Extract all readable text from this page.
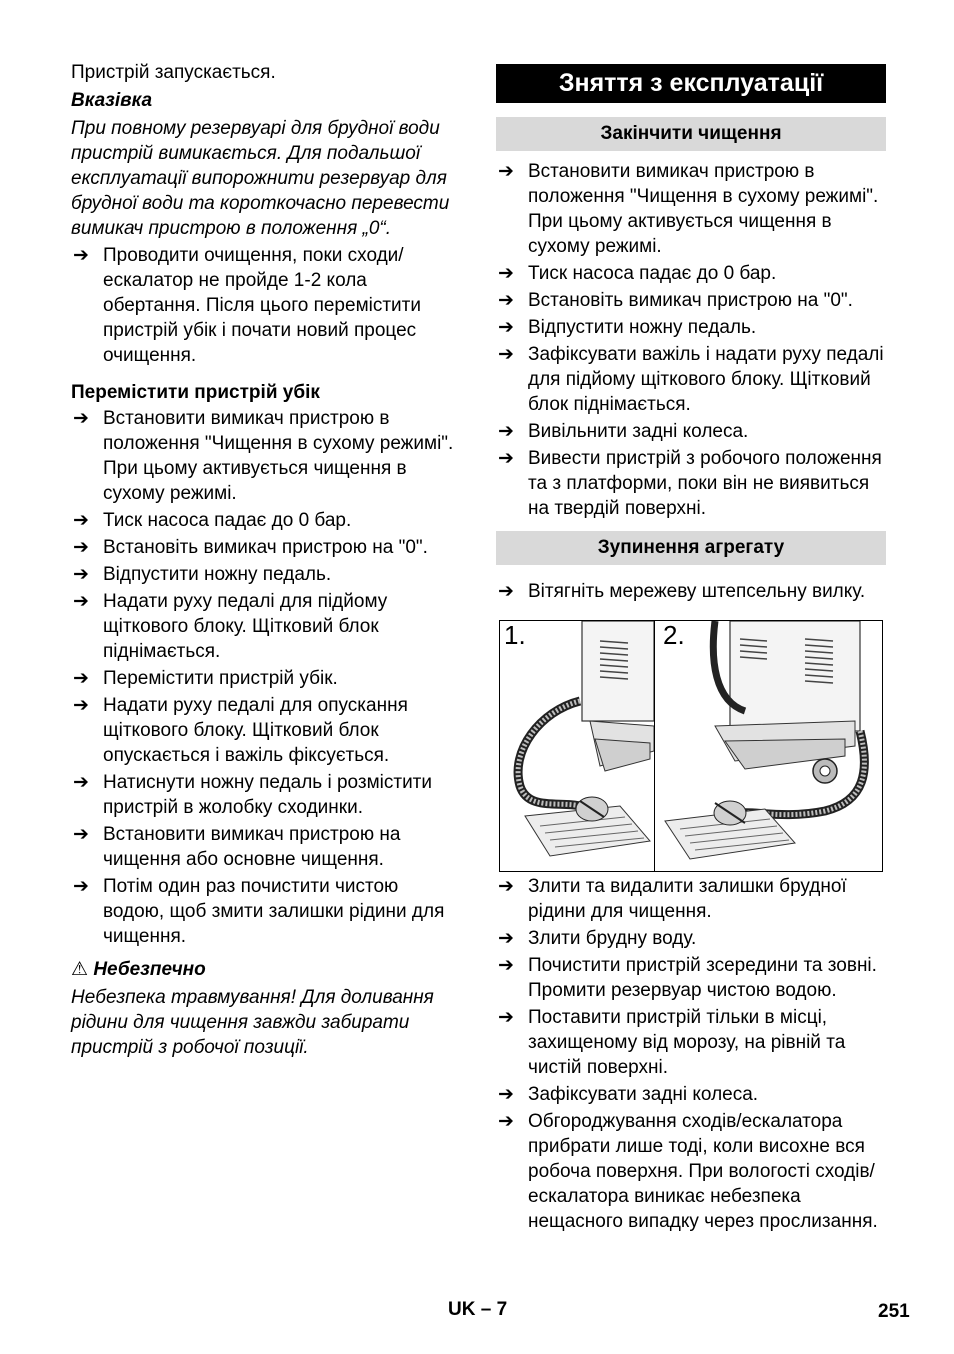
Пристрій запускається.

Вказівка

При повному резервуарі для брудної води пристрій вимикається. Для подальшої експлуатації випорожнити резервуар для брудної води та короткочасно перевести вимикач пристрою в положення „0“.

➔ Проводити очищення, поки сходи/ескалатор не пройде 1-2 кола обертання. Після цього перемістити пристрій убік і почати новий процес очищення.

Перемістити пристрій убік

➔ Встановити вимикач пристрою в положення "Чищення в сухому режимі". При цьому активується чищення в сухому режимі.
➔ Тиск насоса падає до 0 бар.
➔ Встановіть вимикач пристрою на "0".
➔ Відпустити ножну педаль.
➔ Надати руху педалі для підйому щіткового блоку. Щітковий блок піднімається.
➔ Перемістити пристрій убік.
➔ Надати руху педалі для опускання щіткового блоку. Щітковий блок опускається і важіль фіксується.
➔ Натиснути ножну педаль і розмістити пристрій в жолобку сходинки.
➔ Встановити вимикач пристрою на чищення або основне чищення.
➔ Потім один раз почистити чистою водою, щоб змити залишки рідини для чищення.

⚠ Небезпечно

Небезпека травмування! Для доливання рідини для чищення завжди забирати пристрій з робочої позиції.

Зняття з експлуатації
Закінчити чищення
➔ Встановити вимикач пристрою в положення "Чищення в сухому режимі". При цьому активується чищення в сухому режимі.
➔ Тиск насоса падає до 0 бар.
➔ Встановіть вимикач пристрою на "0".
➔ Відпустити ножну педаль.
➔ Зафіксувати важіль і надати руху педалі для підйому щіткового блоку. Щітковий блок піднімається.
➔ Вивільнити задні колеса.
➔ Вивести пристрій з робочого положення та з платформи, поки він не виявиться на твердій поверхні.
Зупинення агрегату
➔ Вітягніть мережеву штепсельну вилку.
1.	2.
➔ Злити та видалити залишки брудної рідини для чищення.
➔ Злити брудну воду.
➔ Почистити пристрій зсередини та зовні. Промити резервуар чистою водою.
➔ Поставити пристрій тільки в місці, захищеному від морозу, на рівній та чистій поверхні.
➔ Зафіксувати задні колеса.
➔ Обгороджування сходів/ескалатора прибрати лише тоді, коли висохне вся робоча поверхня. При вологості сходів/ескалатора виникає небезпека нещасного випадку через прослизання.
UK – 7	251
